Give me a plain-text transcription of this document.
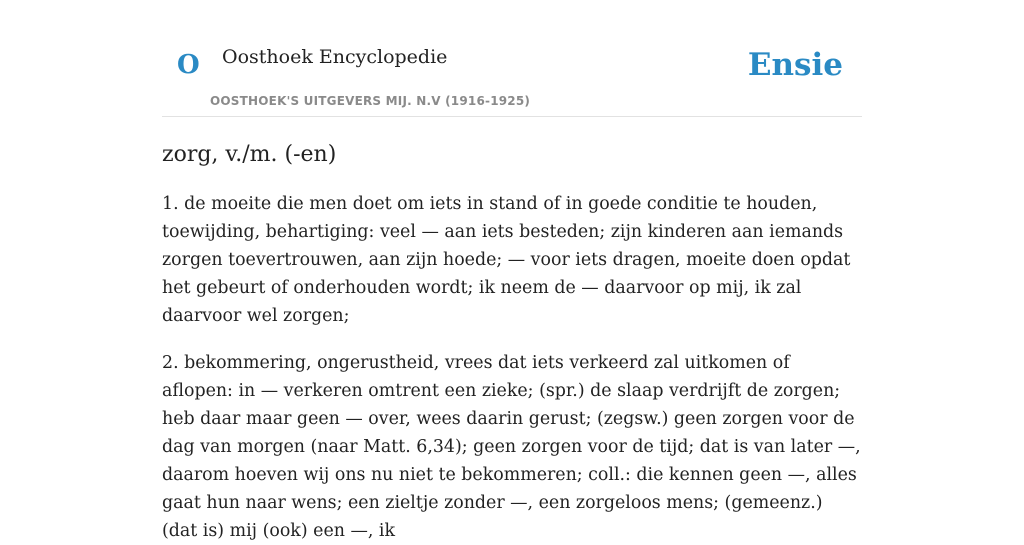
O Oosthoek Encyclopedie
OOSTHOEK'S UITGEVERS MIJ. N.V (1916-1925)
Ensie
zorg, v./m. (-en)

1. de moeite die men doet om iets in stand of in goede conditie te houden, toewijding, behartiging: veel — aan iets besteden; zijn kinderen aan iemands zorgen toevertrouwen, aan zijn hoede; — voor iets dragen, moeite doen opdat het gebeurt of onderhouden wordt; ik neem de — daarvoor op mij, ik zal daarvoor wel zorgen;

2. bekommering, ongerustheid, vrees dat iets verkeerd zal uitkomen of aflopen: in — verkeren omtrent een zieke; (spr.) de slaap verdrijft de zorgen; heb daar maar geen — over, wees daarin gerust; (zegsw.) geen zorgen voor de dag van morgen (naar Matt. 6,34); geen zorgen voor de tijd; dat is van later —, daarom hoeven wij ons nu niet te bekommeren; coll.: die kennen geen —, alles gaat hun naar wens; een zieltje zonder —, een zorgeloos mens; (gemeenz.) (dat is) mij (ook) een —, ik
